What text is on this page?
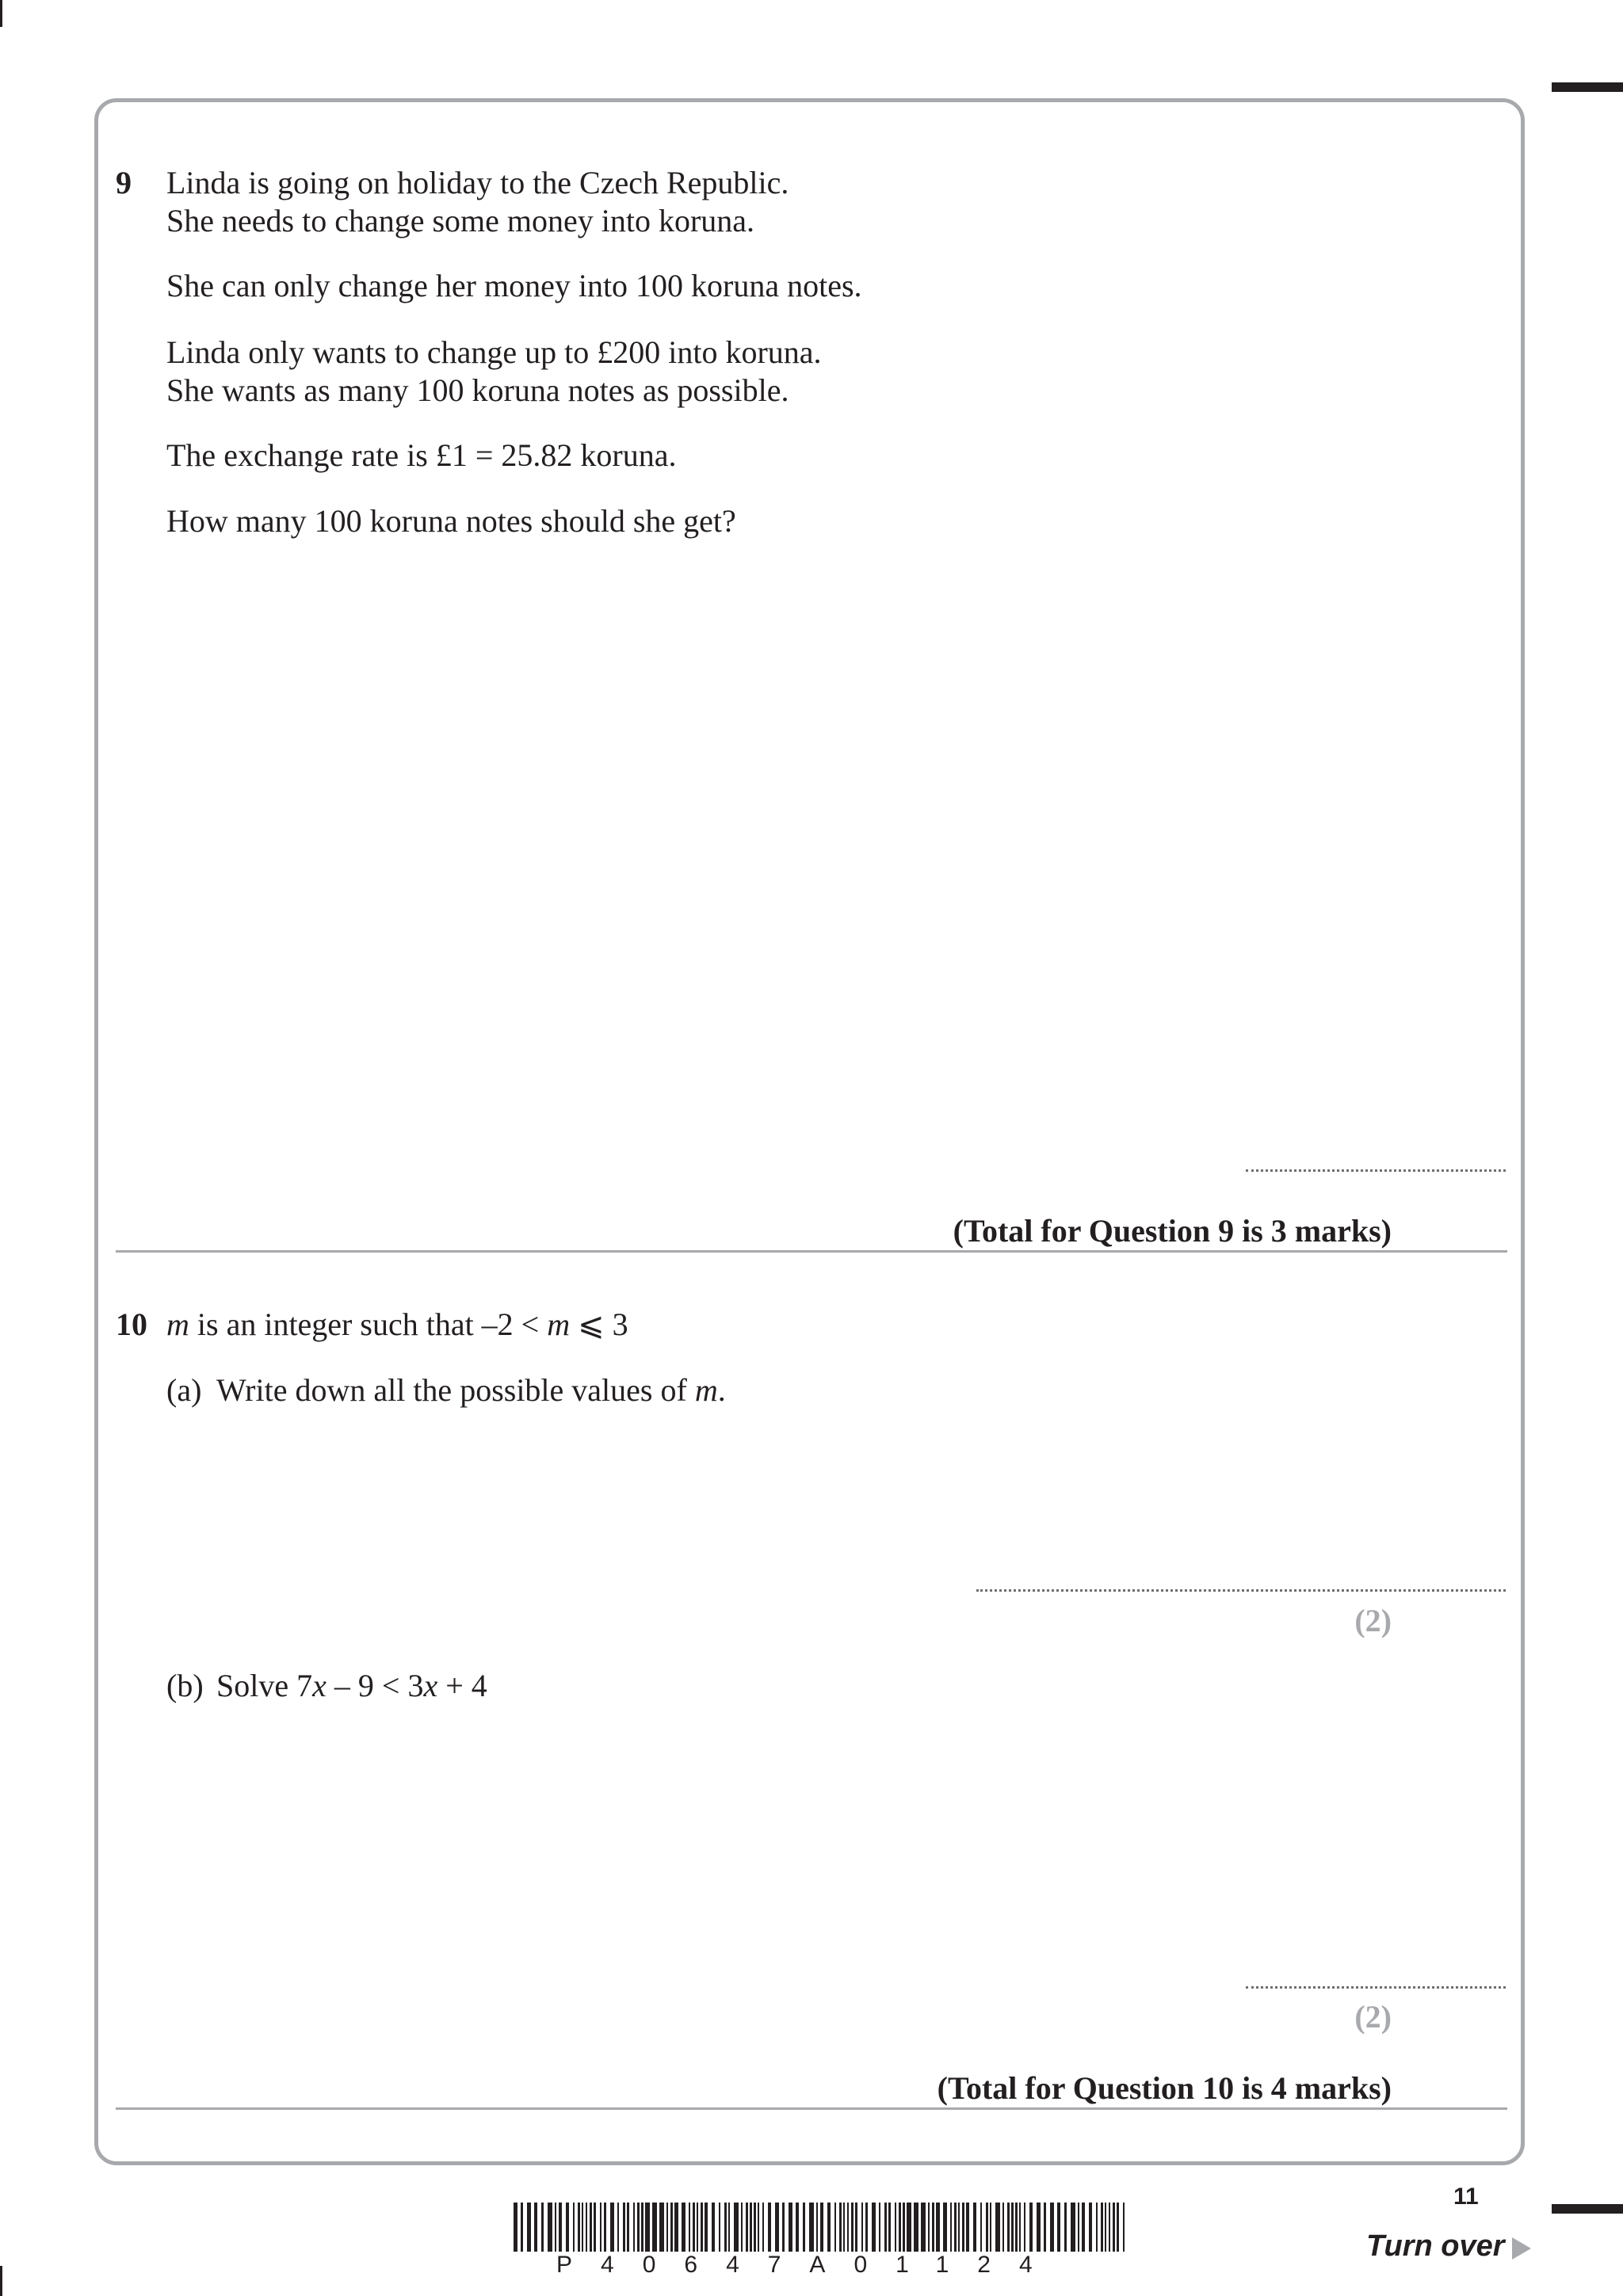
9 Linda is going on holiday to the Czech Republic.
She needs to change some money into koruna.
She can only change her money into 100 koruna notes.
Linda only wants to change up to £200 into koruna.
She wants as many 100 koruna notes as possible.
The exchange rate is £1 = 25.82 koruna.
How many 100 koruna notes should she get?
(Total for Question 9 is 3 marks)
10 m is an integer such that –2 < m ⩽ 3
(a) Write down all the possible values of m.
(2)
(b) Solve 7x – 9 < 3x + 4
(2)
(Total for Question 10 is 4 marks)
11
P40647A01124
Turn over
